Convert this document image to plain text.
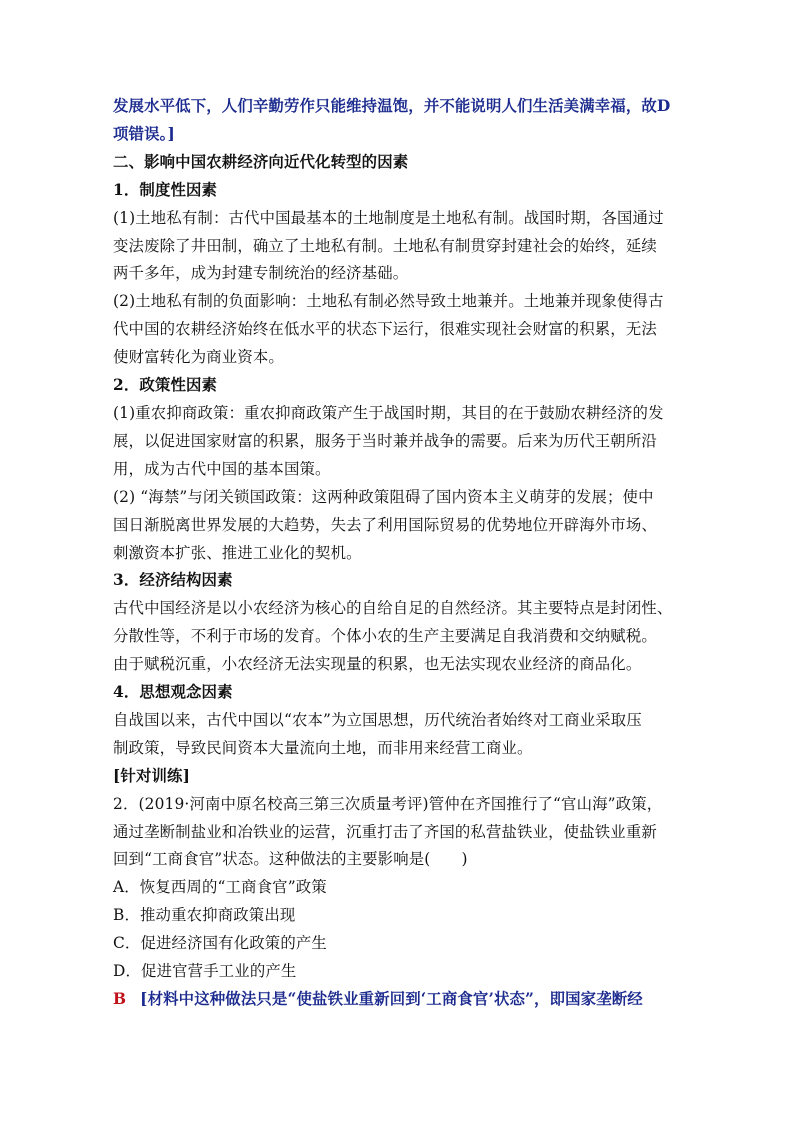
发展水平低下，人们辛勤劳作只能维持温饱，并不能说明人们生活美满幸福，故D
项错误。]
二、影响中国农耕经济向近代化转型的因素
1．制度性因素
(1)土地私有制：古代中国最基本的土地制度是土地私有制。战国时期，各国通过
变法废除了井田制，确立了土地私有制。土地私有制贯穿封建社会的始终，延续
两千多年，成为封建专制统治的经济基础。
(2)土地私有制的负面影响：土地私有制必然导致土地兼并。土地兼并现象使得古
代中国的农耕经济始终在低水平的状态下运行，很难实现社会财富的积累，无法
使财富转化为商业资本。
2．政策性因素
(1)重农抑商政策：重农抑商政策产生于战国时期，其目的在于鼓励农耕经济的发
展，以促进国家财富的积累，服务于当时兼并战争的需要。后来为历代王朝所沿
用，成为古代中国的基本国策。
(2) “海禁”与闭关锁国政策：这两种政策阻碍了国内资本主义萌芽的发展；使中
国日渐脱离世界发展的大趋势，失去了利用国际贸易的优势地位开辟海外市场、
刺激资本扩张、推进工业化的契机。
3．经济结构因素
古代中国经济是以小农经济为核心的自给自足的自然经济。其主要特点是封闭性、
分散性等，不利于市场的发育。个体小农的生产主要满足自我消费和交纳赋税。
由于赋税沉重，小农经济无法实现量的积累，也无法实现农业经济的商品化。
4．思想观念因素
自战国以来，古代中国以“农本”为立国思想，历代统治者始终对工商业采取压
制政策，导致民间资本大量流向土地，而非用来经营工商业。
[针对训练]
2．(2019·河南中原名校高三第三次质量考评)管仲在齐国推行了“官山海”政策，
通过垄断制盐业和冶铁业的运营，沉重打击了齐国的私营盐铁业，使盐铁业重新
回到“工商食官”状态。这种做法的主要影响是(　　)
A．恢复西周的“工商食官”政策
B．推动重农抑商政策出现
C．促进经济国有化政策的产生
D．促进官营手工业的产生
B [材料中这种做法只是“使盐铁业重新回到‘工商食官’状态”，即国家垄断经
